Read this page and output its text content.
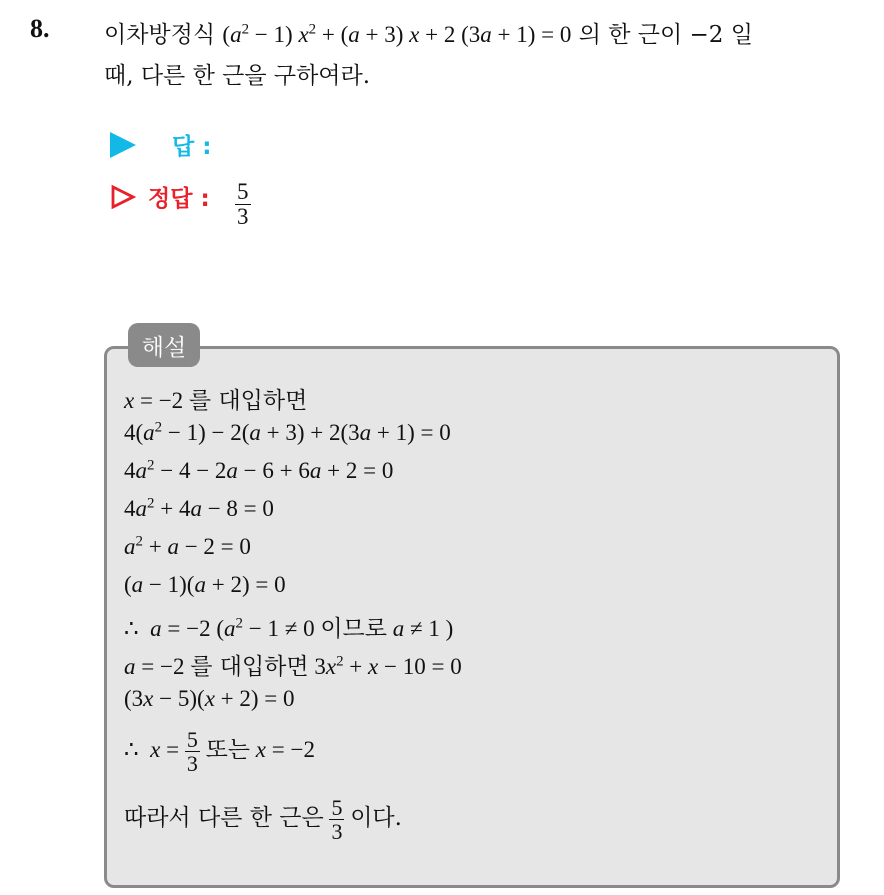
8. 이차방정식 $(a^2 - 1) x^2 + (a + 3) x + 2$ (3a + 1) = 0 의 한 근이 −2 일
때, 다른 한 근을 구하여라.
답 :
정답 : 5
3
해설
x = −2 를 대입하면
$4(a^2 - 1) - 2(a + 3) + 2(3a + 1) = 0$
$4a^2 - 4 - 2a - 6 + 6a + 2 = 0$
$4a^2 + 4a - 8 = 0$
$a^2 + a - 2 = 0$
(a − 1)(a + 2) = 0
∴  a = −2 ($a^2 - 1 \ne 0$ 이므로 a ≠ 1 )
a = −2 를 대입하면 $3x^2 + x - 10 = 0$
(3x − 5)(x + 2) = 0
∴  $x = \frac{5}{3}$ 또는 x = −2
따라서 다른 한 근은 $\frac{5}{3}$ 이다.
